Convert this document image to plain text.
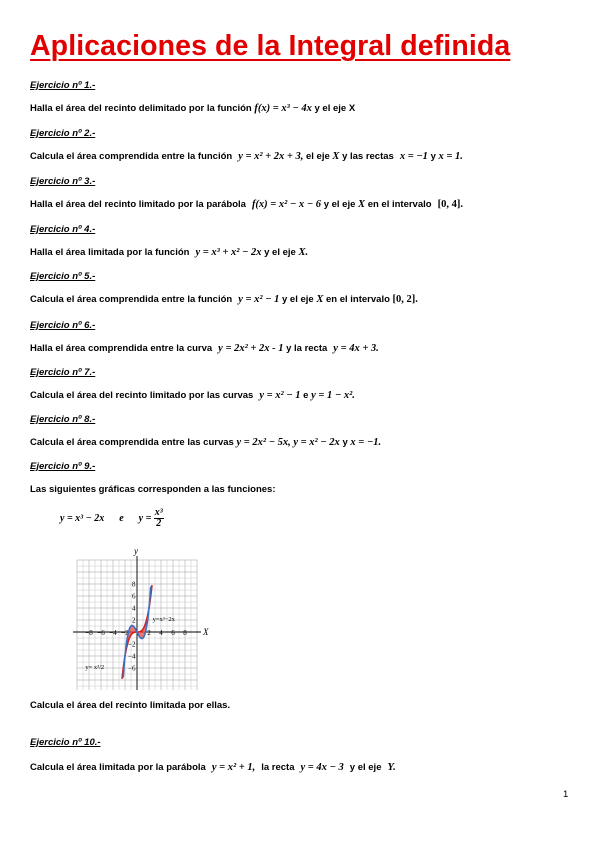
Aplicaciones de la Integral definida

Ejercicio nº 1.-

Halla el área del recinto delimitado por la función f(x) = x³ − 4x y el eje X

Ejercicio nº 2.-

Calcula el área comprendida entre la función y = x² + 2x + 3, el eje X y las rectas x = −1 y x = 1.

Ejercicio nº 3.-

Halla el área del recinto limitado por la parábola f(x) = x² − x − 6 y el eje X en el intervalo [0, 4].

Ejercicio nº 4.-

Halla el área limitada por la función y = x³ + x² − 2x y el eje X.

Ejercicio nº 5.-

Calcula el área comprendida entre la función y = x² − 1 y el eje X en el intervalo [0, 2].

Ejercicio nº 6.-

Halla el área comprendida entre la curva y = 2x² + 2x - 1 y la recta y = 4x + 3.

Ejercicio nº 7.-

Calcula el área del recinto limitado por las curvas y = x² − 1 e y = 1 − x².

Ejercicio nº 8.-

Calcula el área comprendida entre las curvas y = 2x² − 5x, y = x² − 2x y x = −1.

Ejercicio nº 9.-

Las siguientes gráficas corresponden a las funciones:

y = x³ − 2x e $y = \frac{\text{x³}}{2}$
−8 −6 −4 −2	2 4 6 8
8
6
4
2
−2
−4
−6
X
y
y=x³−2x
y= x³/2

Calcula el área del recinto limitada por ellas.

Ejercicio nº 10.-

Calcula el área limitada por la parábola y = x² + 1, la recta y = 4x − 3 y el eje Y.

1
